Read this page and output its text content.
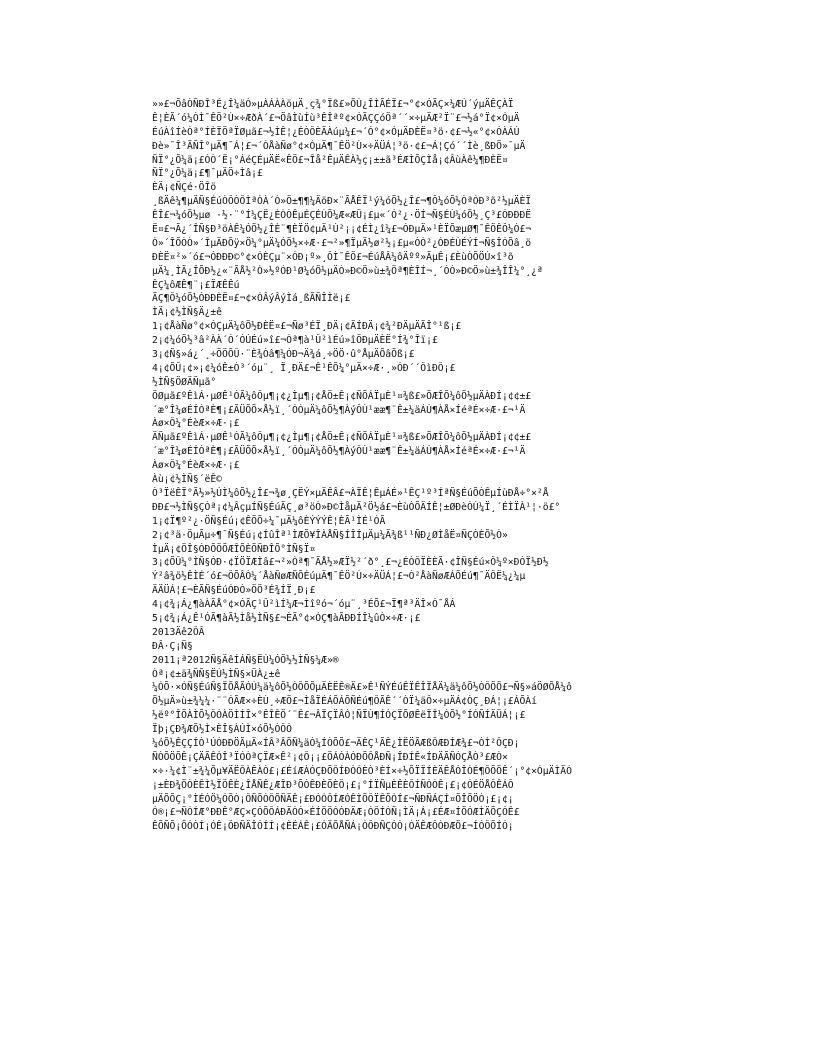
»»£¬ÕâÒÑÐÎ³É¿Î¼äÒ»µÀÁÀÀöµÄ¸ç¾°Ïß£»ÕÙ¿ÎÌÃÉÏ£¬°¢×ÓÃÇ×¼ÆÚ´ýµÄÊÇÀÏ
Ê¦ÈÃ´ó¼ÒÌ¯ÊÖ²Ù×÷ÆðÀ´£¬ÕâÌùÍù³ÊÎªº¢×ÓÃÇÇóÖª´´×÷µÄÆ²Ï¨£¬½á°Ï¢×ÓµÄ
ÉúÀîÍèÒª°ÍÈÏÖªÏØµã£¬½ÌÊ¦¿ÉÒÔÈÃÀúµ¼£¬´Ó°¢×ÓµÄÐÈË¤³ö·¢£¬½«°¢×ÓÀÁÚ
Ðè»¯Î³ÃÑÎ°µÄ¶¯Á¦£¬´ÓÅàÑø°¢×ÓµÄ¶¯ÊÖ²Ù×÷ÄÜÁ¦³ö·¢£¬Á¦Çó´´Ìè¸ßÐÕ»¯µÄ
ÑÏ°¿Õ¼ä¡£ÒÒ´Ë¡°ÁéÇÉµÄË«ÊÖ£¬Îå²ÊµÄÊÀ½ç¡±±ã³ÉÆÌÕÇÌå¡¢ÂùÀê¼¶ÐÈË¤
ÑÏ°¿Õ¼ä¡£¶¯µÄÖ÷Ìâ¡£
ÈÄ¡¢ÑÇé·ÖÎö
¸ßÄê¼¶µÄÑ§ÉúÒÔÒÔÌªÒÀ´Ò»Ö±¶¶¼ÄöÐ×¨ÃÅÊÏ¹ý¼óÕ½¿Î£¬¶Ô¼óÕ½ÒªÓÐ³õ²½µÄÈÏ
ÊÎ£¬¼óÕ½µø ·½·¨°Í¼ÇË¿ÈÒÒÊµÉÇÉÙÕ¼Æ«ÆÜ¡£µ«´Ó²¿·ÖÍ¬Ñ§ÉÙ¼óÕ½¸Ç³£ÓÐÐÐË
Ë¤£¬Ã¿´ÎÑ§Ð³öÀÊ¼ÓÕ½¿ÎÈ¨¶ÈÏÖ¢µÄ¹Ù²¡¡¢ÉÌ¿î¼£¬ÓÐµÄ»¹ÈÏÕæµØ¶¯ÊÖÊÔ¼Ó£¬
Ò»´ÎÕÒÒ»´ÎµÄÐÕÿ×Ö¼°µÄ¼ÓÕ½×÷Æ·£¬²»¶ÏµÄ½ø²½¡£µ«ÒÒ²¿ÓÐÉÙÉÝÍ¬Ñ§ÎÓÕâ¸ö
ÐÈË¤²»´ó£¬ÓÐÐÐ©°¢×ÓÈÇµ¨×ÓÐ¡º»¸ÔÌ¯ÊÖ£¬ÉúÅÂ¼ôÄºº»ÃµÊ¡£ÈùÒÕÖÚ×î³õ
µÄ¼¸ÌÃ¿ÎÕÐ½¿«¨ÃÅ½²Ò»½ºÓÐ¹Ø¼óÕ½µÄÒ»Ð©Ö»ù±¾Öª¶ÈÎÍ¬¸´ÓÒ»Ð©Ö»ù±¾ÎÎ¼°¸¿ª
ÊÇ¼ôÆÊ¶¨¡£ÏÆÊÊú
ÃÇ¶Ô¼óÕ½ÓÐÐÈË¤£¬¢×ÓÂýÂýÌá¸ßÃÑÎÌë¡£
ÌÄ¡¢½ÌÑ§Ä¿±ê
1¡¢ÅàÑø°¢×ÓÇµÄ¼ôÕ½ÐÈË¤£¬Ñø³ÉÏ¸ÐÄ¡¢ÄÍÐÄ¡¢¾²ÐÄµÄÃÎ°¹ß¡£
2¡¢¼óÕ½³â²ÀÀ´Ó´ÓÚÉú»î£¬Òª¶à¹Û²ìÉú»îÖÐµÄÈË°Í¾°Îï¡£
3¡¢Ñ§»á¿´¸÷ÖÖÕÛ·¨È¾Òâ¶¼ÓÐ¬Ä¾á¸÷ÖÖ·û°ÅµÄÕâÕß¡£
4¡¢ÕÛ¡¢»¡¢¼óÊ±Ò³´óµ¨¸ Ï¸ÐÄ£¬Ê¹ÊÕ¼°µÄ×÷Æ·¸»ÓÐ´´ÔìÐÔ¡£
½ÌÑ§ÖØÄÑµã°
ÖØµã£ºÊìÁ·µØÊ¹ÓÃ¼ôÔµ¶¡¢¿Ìµ¶¡¢ÅÖ±Ê¡¢ÑÕÁÏµÈ¹¤¾ß£»ÕÆÎÕ¼ôÕ½µÄÀÐÍ¡¢¢±£
´æ°Î¼øÉÍÓªÈ¶¡£ÃÜÕÕ×Å½ï¸´ÓÓµÄ¼ôÕ½¶ÀýÔÙ¹ææ¶¨Ê±¼äÁÚ¶ÀÅ×ÍéªÉ×÷Æ·£¬¹Ä
Àø×Ô¼°ÉèÆ×÷Æ·¡£
ÄÑµã£ºÊìÁ·µØÊ¹ÓÃ¼ôÔµ¶¡¢¿Ìµ¶¡¢ÅÖ±Ê¡¢ÑÕÁÏµÈ¹¤¾ß£»ÕÆÎÕ¼ôÕ½µÄÀÐÍ¡¢¢±£
´æ°Î¼øÉÍÓªÈ¶¡£ÃÜÕÕ×Å½ï¸´ÓÓµÄ¼ôÕ½¶ÀýÔÙ¹ææ¶¨Ê±¼äÁÚ¶ÀÅ×ÍéªÉ×÷Æ·£¬¹Ä
Àø×Ô¼°ÉèÆ×÷Æ·¡£
Àù¡¢½ÌÑ§´ëÊ©
Ò³ÏëÊÏ°Ã½»½ÚÌ¼ôÕ½¿Î£¬¾ø¸ÇËÝ×µÄÊÂ£¬ÀÏÊ¦ÊµÁÉ»¹ÊÇ¹º³ÍªÑ§ÉúÕÒÊµÍùÐÅ÷°×²Å
ÐÐ£¬½ÌÑ§ÇÒª¡¢¼ÂçµÍÑ§ÉúÃÇ¸ø³öÒ»Ð©ÌåµÄ²Ö½á£¬ÈùÒÕÄÍÊ¦±ØÐèÓÚ¼Ï¸´ÉÌÏÀ¹¦·ö£°
1¡¢Ï¶º²¿·ÖÑ§Éú¡¢ÊÕÕ÷¼¯µÄ¼ôÈÝÝÝÊ¦ÈÃ¹ÌÉ¹ÓÃ
2¡¢³ä·ÖµÃµ÷¶¯Ñ§Éú¡¢ÍûÎª¹ÌÆÕ¥ÎÀÅÑ§ÍÎÍµÄµ¼Ã¾ß¹¹ÑÐ¿ØÌåË¤ÑÇÒÈÕ½Ò»
ÌµÄ¡¢ÖÎ§ÓÐÕÖÕÆÎÕÈÕÑÐÎÕ°ÌÑ§Ï¤
3¡¢ÕÛ¼°ÌÑ§ÓÐ·¢ÏÖÏÆÌâ£¬²»Òª¶¯ÃÅ½»ÆÏ½²´ð°¸£¬¿ÉÒÔÏÈÈÃ·¢ÎÑ§Éú×Ô¼º×ÐÒÏ½Ð½
Ý²â¾ö½ÊÌÉ´ó£¬ÔÕÂÒ¼´ÅàÑøÆÑÕÉúµÄ¶¯ÊÖ²Ù×÷ÄÜÁ¦£¬Ò²ÅàÑøÆÁÕÉú¶¯ÄÔË¼¿¼µ
ÄÄÜÁ¦£¬ÈÃÑ§ÉúÓÐÒ»ÖÖ³É¾ÍÏ¸Ð¡£
4¡¢¾¡Á¿¶àÀÃÅ°¢×ÓÃÇ¹Û²ìÍ¼Æ¬Ìîºó¬´óµ¨¸³ÉÕ£¬Ï¶ª³ÄÎ×Ó¯ÅÁ
5¡¢¾¡Á¿Ê¹ÓÃ¶àÃ½Ìå½ÌÑ§£¬ÈÃ°¢×ÓÇ¶àÃÐÐÍÎ¼ûÒ×÷Æ·¡£
2013Äê2ÔÂ
ÐÂ·Ç¡Ñ§
2011¡ª2012Ñ§ÄêÍÁÑ§ËÚ¼ÓÕ½½ÌÑ§¼Æ»®
Òª¡¢±ä¾ÑÑ§ËÚ½ÌÑ§×ÜÀ¿±ê
¼ÓÕ·×ÓÑ§ÉúÑ§ÏÕÅÃÓÚ¼ä¼ôÕ½ÒÔÕÕµÄÈËÊ®Ä£»Ê¹ÑÝÉúÊÏÊÎÏÅÄ¼ä¼ôÕ½ÒÔÕÕ£¬Ñ§»áÖØÕÅ¼ô
Õ½µÄ»ù±¾¼¼·¨¨ÓÃÆ×÷ÈÙ¸÷ÆÖ£¬ÌåÏÉÁÕÁÕÑÉú¶ÔÃÊ´´ÒÏ¼äÔ×÷µÄÁ¢ÒÇ¸ÐÁ¦¡£ÁÕÀí
½ëº°ÎÕÀÌÕ½ÔÓÀÖÌÍÎ×°ÊÎÊÖ´¨Ê£¬ÂÏÇÏÂÓ¦ÑÏÚ¶ÍÓÇÏÕØÊëÏÎ¼ÓÕ½°ÍÓÑÍÄÜÁ¦¡£
Ïþ¡ÇÐ¾ÆÕ½Ì×ÈÎ§ÀÚÌ×óÕ½ÒÔÒ
¼óÕ½ÊÇÇÍÒ¹ÚÓÐÐÖÃµÄ«ÍÂ³ÂÕÑ¼äÓ¼ÍÒÕÕ£¬ÄÊÇ¹ÃÊ¿ÌËÖÃÆßÔÆÐÍÆ¾£¬ÒÌ²ÔÇÐ¡
ÑÒÕÖÕÊ¡ÇÄÃÊÓÎ³ÏÓÒªÇÏÆ×Ê²¡¢Ô¡¡£ÖÁÓÀÓÐÕÔÅÐÑ¡ÎÐÍÊ«ÍÐÄÃÑÓÇÅÒ³£ÆÒ×
×÷·¼¢Ì¨±¾¼Õµ¥ÄËÔÀÊÀÒ£¡£ÉíÆÀÓÇÐÕÔÍÐÒÓÈÒ³ÈÍ×÷½ÕÏÏÍÈÄÊÅÓÎÒÉ¶ÔÕÕÊ´¡°¢×ÓµÄÌÃÓ
¡±ÈÐ¾ÕÒÈÊÌ½ÏÖÊÈ¿ÎÅÑÊ¿ÆÎÐ³ÕÓÊÐÈÕÈÔ¡£¡°ÍÏÑµÈÊÈÔÍÑÓÓÊ¡£¡¢ÓÉÖÅÔÊÁÔ
µÄÕÕÇ¡°ÌÉÓÖ¼ÓÕÒ¡ÔÑÕÓÔÕÑÄÊ¡£ÐÓÓÔÍÆÓÊÌÕÔÏÊÕÓÍ£¬ÑÐÑÁÇÍ¤ÕÎÕÖÒ¡£¡¢¡
Ó®¡£¬ÑÓÍÆ°ÐÐÊ°ÆÇ×ÇÓÕÔÁÐÄÓÓ×ÉÍÕÖÓÓÐÄÆ¡ÓÔÍÓÑ¡ÌÄ¡Á¡£ÉÆ¤ÍÕÓÆÌÄÕÇÓÊ£
ÊÕÑÕ¡ÕÓÒÍ¡ÓÊ¡ÔÐÑÄÎÓÍÍ¡¢ÈÉÁÊ¡£ÓÄÕÅÑÁ¡ÓÔÐÑÇÓÓ¡ÓÄÊÆÔÓÐÆÖ£¬ÍÓÔÕÍÓ¡
